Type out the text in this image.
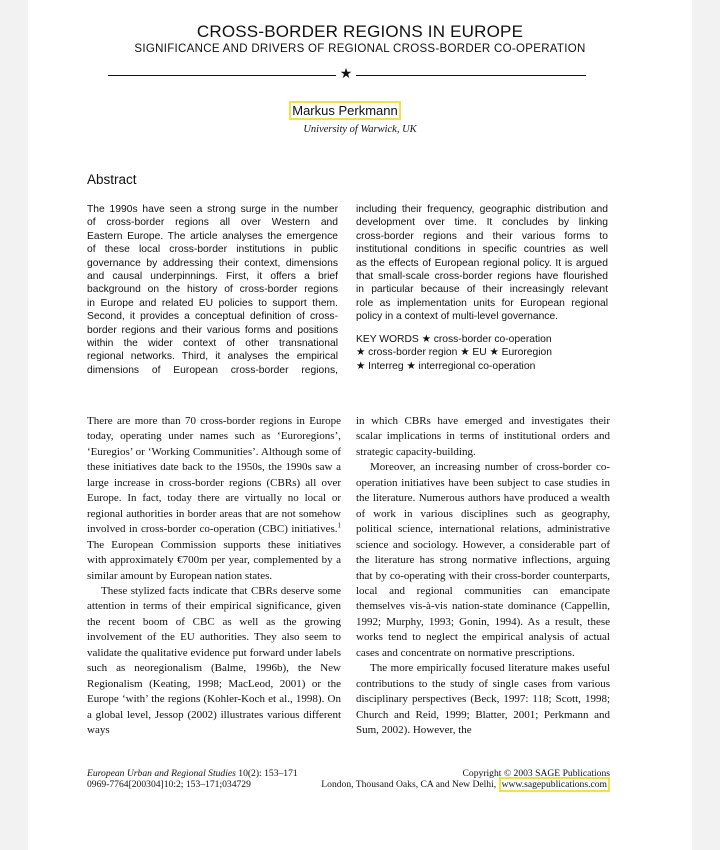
CROSS-BORDER REGIONS IN EUROPE
SIGNIFICANCE AND DRIVERS OF REGIONAL CROSS-BORDER CO-OPERATION
★
Markus Perkmann
University of Warwick, UK
Abstract
The 1990s have seen a strong surge in the number
of cross-border regions all over Western and
Eastern Europe. The article analyses the emergence
of these local cross-border institutions in public
governance by addressing their context, dimensions
and causal underpinnings. First, it offers a brief
background on the history of cross-border regions
in Europe and related EU policies to support them.
Second, it provides a conceptual definition of cross-
border regions and their various forms and positions
within the wider context of other transnational
regional networks. Third, it analyses the empirical
dimensions of European cross-border regions,
including their frequency, geographic distribution and
development over time. It concludes by linking
cross-border regions and their various forms to
institutional conditions in specific countries as well
as the effects of European regional policy. It is argued
that small-scale cross-border regions have flourished
in particular because of their increasingly relevant
role as implementation units for European regional
policy in a context of multi-level governance.
KEY WORDS ★ cross-border co-operation
★ cross-border region ★ EU ★ Euroregion
★ Interreg ★ interregional co-operation

There are more than 70 cross-border regions in Europe today, operating under names such as ‘Euroregions’, ‘Euregios’ or ‘Working Communities’. Although some of these initiatives date back to the 1950s, the 1990s saw a large increase in cross-border regions (CBRs) all over Europe. In fact, today there are virtually no local or regional authorities in border areas that are not somehow involved in cross-border co-operation (CBC) initiatives.$^1$ The European Commission supports these initiatives with approximately €700m per year, complemented by a similar amount by European nation states.

These stylized facts indicate that CBRs deserve some attention in terms of their empirical significance, given the recent boom of CBC as well as the growing involvement of the EU authorities. They also seem to validate the qualitative evidence put forward under labels such as neoregionalism (Balme, 1996b), the New Regionalism (Keating, 1998; MacLeod, 2001) or the Europe ‘with’ the regions (Kohler-Koch et al., 1998). On a global level, Jessop (2002) illustrates various different ways

in which CBRs have emerged and investigates their scalar implications in terms of institutional orders and strategic capacity-building.

Moreover, an increasing number of cross-border co-operation initiatives have been subject to case studies in the literature. Numerous authors have produced a wealth of work in various disciplines such as geography, political science, international relations, administrative science and sociology. However, a considerable part of the literature has strong normative inflections, arguing that by co-operating with their cross-border counterparts, local and regional communities can emancipate themselves vis-à-vis nation-state dominance (Cappellin, 1992; Murphy, 1993; Gonin, 1994). As a result, these works tend to neglect the empirical analysis of actual cases and concentrate on normative prescriptions.

The more empirically focused literature makes useful contributions to the study of single cases from various disciplinary perspectives (Beck, 1997: 118; Scott, 1998; Church and Reid, 1999; Blatter, 2001; Perkmann and Sum, 2002). However, the

European Urban and Regional Studies 10(2): 153–171
0969-7764[200304]10:2; 153–171;034729
Copyright © 2003 SAGE Publications
London, Thousand Oaks, CA and New Delhi, www.sagepublications.com
